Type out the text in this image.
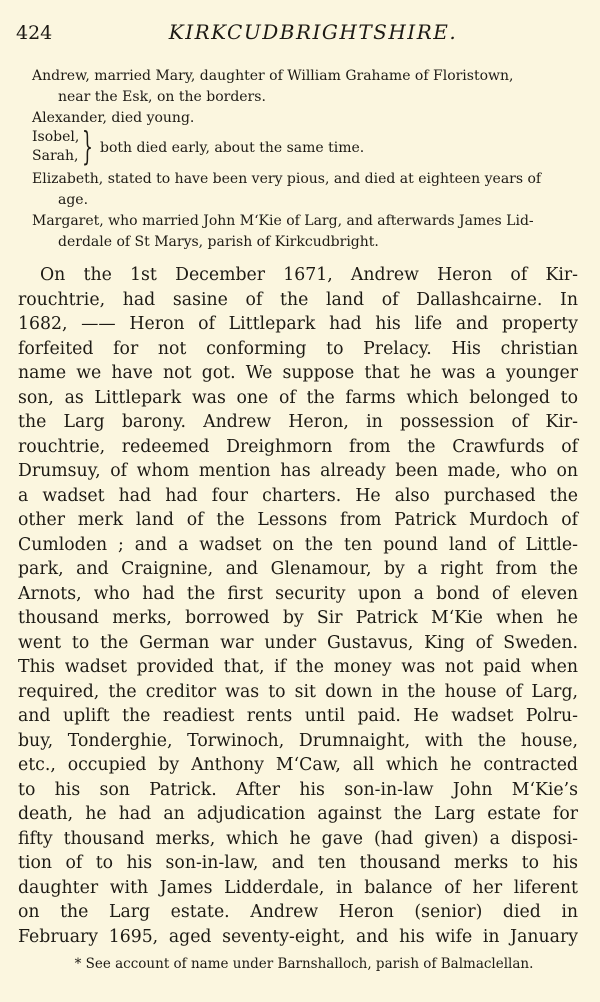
424	KIRKCUDBRIGHTSHIRE.
Andrew, married Mary, daughter of William Grahame of Floristown,
near the Esk, on the borders.
Alexander, died young.
Isobel,
Sarah, } both died early, about the same time.
Elizabeth, stated to have been very pious, and died at eighteen years of
age.
Margaret, who married John M‘Kie of Larg, and afterwards James Lid-
derdale of St Marys, parish of Kirkcudbright.
On the 1st December 1671, Andrew Heron of Kir-
rouchtrie, had sasine of the land of Dallashcairne. In
1682, —— Heron of Littlepark had his life and property
forfeited for not conforming to Prelacy. His christian
name we have not got. We suppose that he was a younger
son, as Littlepark was one of the farms which belonged to
the Larg barony. Andrew Heron, in possession of Kir-
rouchtrie, redeemed Dreighmorn from the Crawfurds of
Drumsuy, of whom mention has already been made, who on
a wadset had had four charters. He also purchased the
other merk land of the Lessons from Patrick Murdoch of
Cumloden ; and a wadset on the ten pound land of Little-
park, and Craignine, and Glenamour, by a right from the
Arnots, who had the first security upon a bond of eleven
thousand merks, borrowed by Sir Patrick M‘Kie when he
went to the German war under Gustavus, King of Sweden.
This wadset provided that, if the money was not paid when
required, the creditor was to sit down in the house of Larg,
and uplift the readiest rents until paid. He wadset Polru-
buy, Tonderghie, Torwinoch, Drumnaight, with the house,
etc., occupied by Anthony M‘Caw, all which he contracted
to his son Patrick. After his son-in-law John M‘Kie’s
death, he had an adjudication against the Larg estate for
fifty thousand merks, which he gave (had given) a disposi-
tion of to his son-in-law, and ten thousand merks to his
daughter with James Lidderdale, in balance of her liferent
on the Larg estate. Andrew Heron (senior) died in
February 1695, aged seventy-eight, and his wife in January
* See account of name under Barnshalloch, parish of Balmaclellan.
